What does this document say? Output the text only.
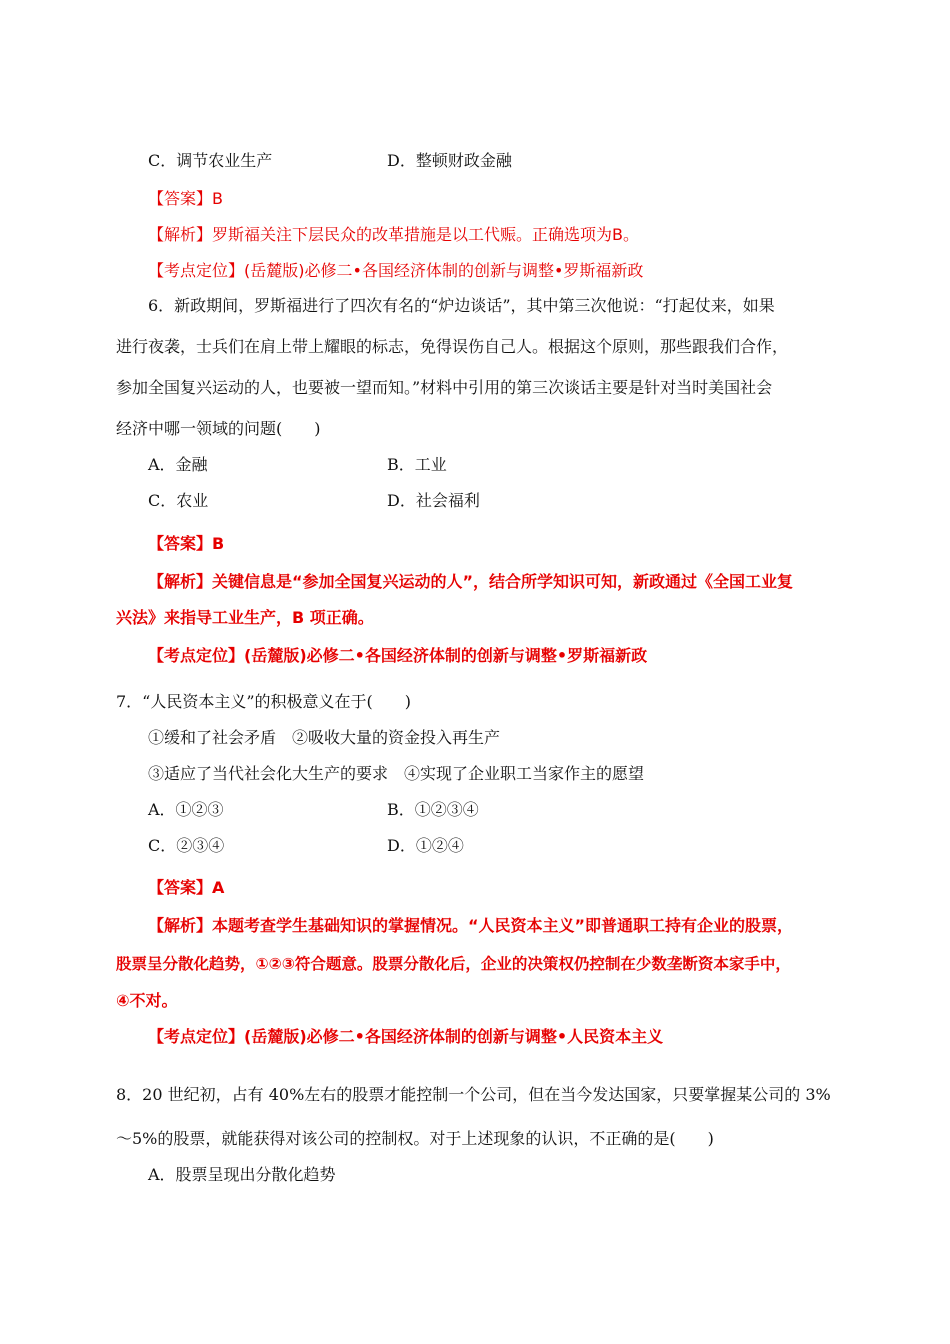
C．调节农业生产	D．整顿财政金融
【答案】B
【解析】罗斯福关注下层民众的改革措施是以工代赈。正确选项为B。
【考点定位】(岳麓版)必修二•各国经济体制的创新与调整•罗斯福新政
6．新政期间，罗斯福进行了四次有名的“炉边谈话”，其中第三次他说：“打起仗来，如果
进行夜袭，士兵们在肩上带上耀眼的标志，免得误伤自己人。根据这个原则，那些跟我们合作，
参加全国复兴运动的人，也要被一望而知。”材料中引用的第三次谈话主要是针对当时美国社会
经济中哪一领域的问题(　　)
A．金融	B．工业
C．农业	D．社会福利
【答案】B
【解析】关键信息是“参加全国复兴运动的人”，结合所学知识可知，新政通过《全国工业复
兴法》来指导工业生产，B 项正确。
【考点定位】(岳麓版)必修二•各国经济体制的创新与调整•罗斯福新政
7．“人民资本主义”的积极意义在于(　　)
①缓和了社会矛盾　②吸收大量的资金投入再生产
③适应了当代社会化大生产的要求　④实现了企业职工当家作主的愿望
A．①②③	B．①②③④
C．②③④	D．①②④
【答案】A
【解析】本题考查学生基础知识的掌握情况。“人民资本主义”即普通职工持有企业的股票，
股票呈分散化趋势，①②③符合题意。股票分散化后，企业的决策权仍控制在少数垄断资本家手中，
④不对。
【考点定位】(岳麓版)必修二•各国经济体制的创新与调整•人民资本主义
8．20 世纪初，占有 40%左右的股票才能控制一个公司，但在当今发达国家，只要掌握某公司的 3%
～5%的股票，就能获得对该公司的控制权。对于上述现象的认识，不正确的是(　　)
A．股票呈现出分散化趋势
